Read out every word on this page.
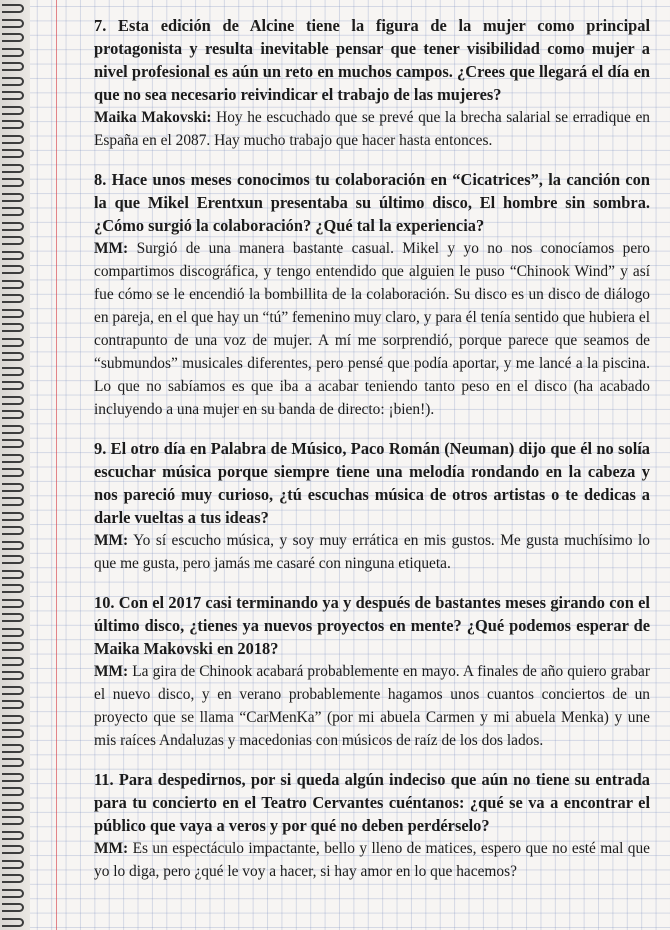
7. Esta edición de Alcine tiene la figura de la mujer como principal protagonista y resulta inevitable pensar que tener visibilidad como mujer a nivel profesional es aún un reto en muchos campos. ¿Crees que llegará el día en que no sea necesario reivindicar el trabajo de las mujeres?

Maika Makovski: Hoy he escuchado que se prevé que la brecha salarial se erradique en España en el 2087. Hay mucho trabajo que hacer hasta entonces.

8. Hace unos meses conocimos tu colaboración en “Cicatrices”, la canción con la que Mikel Erentxun presentaba su último disco, El hombre sin sombra. ¿Cómo surgió la colaboración? ¿Qué tal la experiencia?

MM: Surgió de una manera bastante casual. Mikel y yo no nos conocíamos pero compartimos discográfica, y tengo entendido que alguien le puso “Chinook Wind” y así fue cómo se le encendió la bombillita de la colaboración. Su disco es un disco de diálogo en pareja, en el que hay un “tú” femenino muy claro, y para él tenía sentido que hubiera el contrapunto de una voz de mujer. A mí me sorprendió, porque parece que seamos de “submundos” musicales diferentes, pero pensé que podía aportar, y me lancé a la piscina. Lo que no sabíamos es que iba a acabar teniendo tanto peso en el disco (ha acabado incluyendo a una mujer en su banda de directo: ¡bien!).

9. El otro día en Palabra de Músico, Paco Román (Neuman) dijo que él no solía escuchar música porque siempre tiene una melodía rondando en la cabeza y nos pareció muy curioso, ¿tú escuchas música de otros artistas o te dedicas a darle vueltas a tus ideas?

MM: Yo sí escucho música, y soy muy errática en mis gustos. Me gusta muchísimo lo que me gusta, pero jamás me casaré con ninguna etiqueta.

10. Con el 2017 casi terminando ya y después de bastantes meses girando con el último disco, ¿tienes ya nuevos proyectos en mente? ¿Qué podemos esperar de Maika Makovski en 2018?

MM: La gira de Chinook acabará probablemente en mayo. A finales de año quiero grabar el nuevo disco, y en verano probablemente hagamos unos cuantos conciertos de un proyecto que se llama “CarMenKa” (por mi abuela Carmen y mi abuela Menka) y une mis raíces Andaluzas y macedonias con músicos de raíz de los dos lados.

11. Para despedirnos, por si queda algún indeciso que aún no tiene su entrada para tu concierto en el Teatro Cervantes cuéntanos: ¿qué se va a encontrar el público que vaya a veros y por qué no deben perdérselo?

MM: Es un espectáculo impactante, bello y lleno de matices, espero que no esté mal que yo lo diga, pero ¿qué le voy a hacer, si hay amor en lo que hacemos?
